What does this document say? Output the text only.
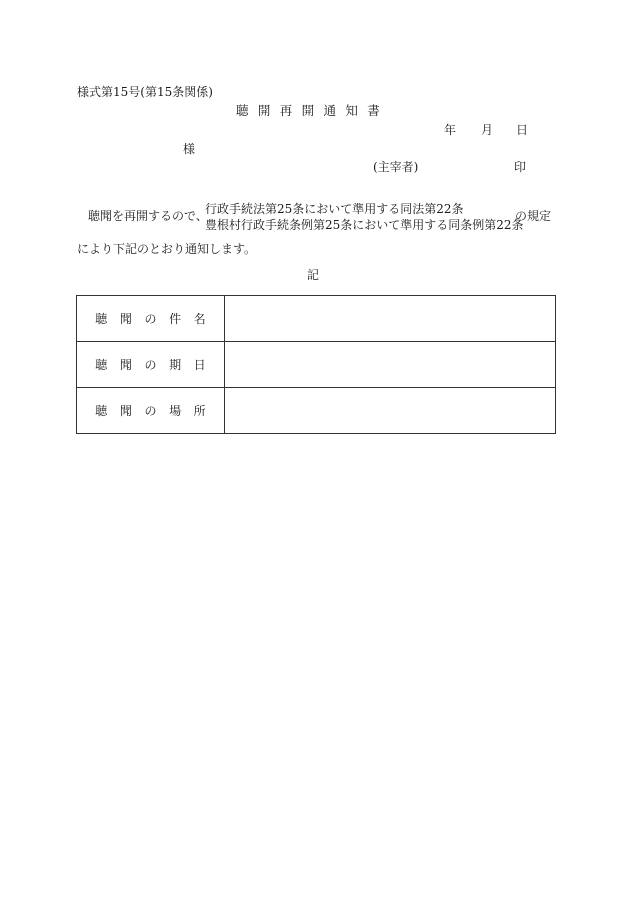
様式第15号(第15条関係)
聴開再開通知書
年 月 日
様
(主宰者)	印
聴聞を再開するので、
行政手続法第25条において準用する同法第22条
豊根村行政手続条例第25条において準用する同条例第22条
の規定
により下記のとおり通知します。
記
聴聞の件名	
聴聞の期日	
聴聞の場所	
